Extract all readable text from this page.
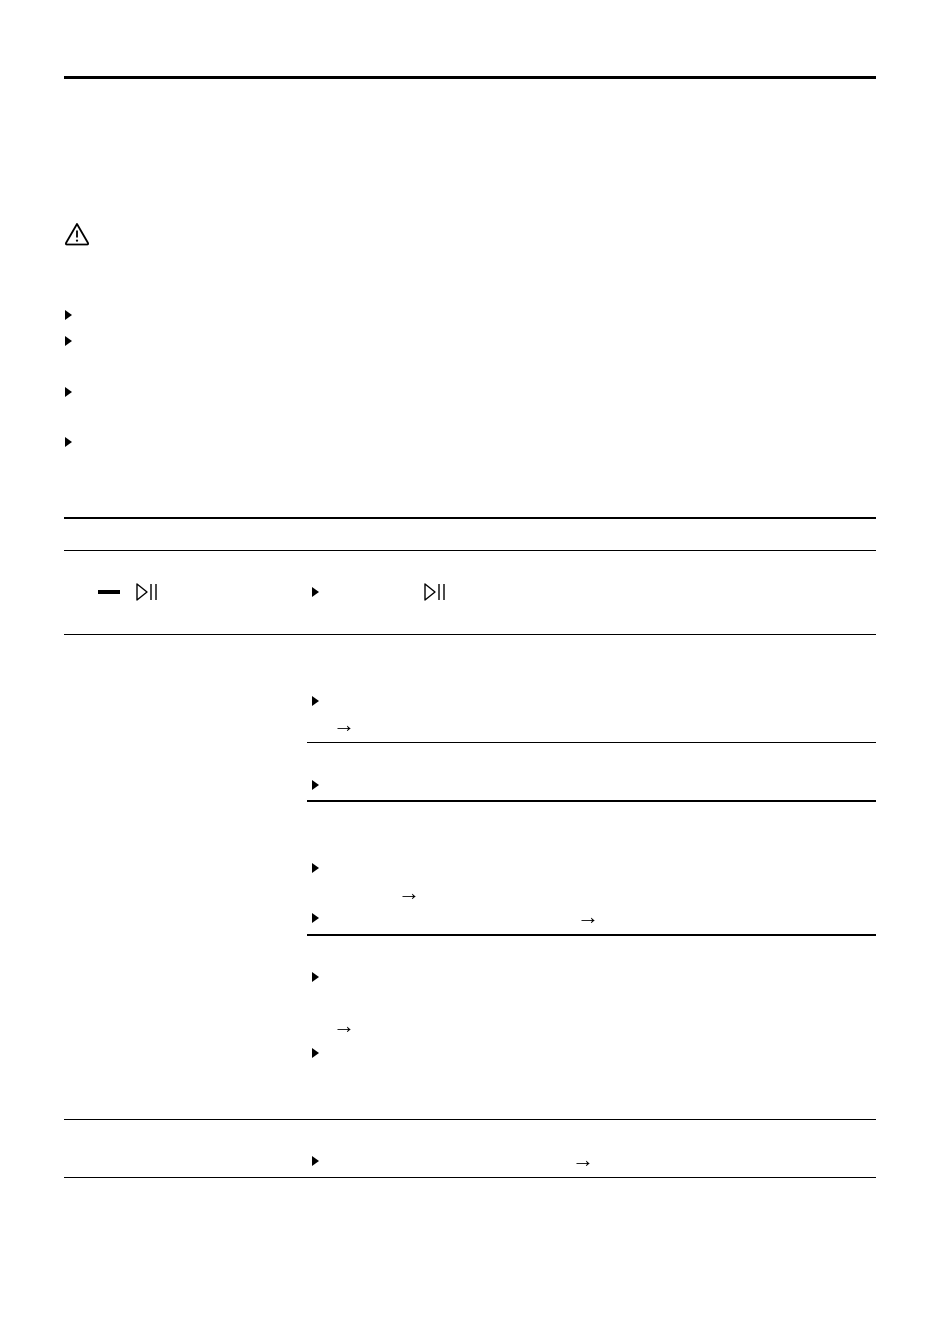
→
→
→
→
→
